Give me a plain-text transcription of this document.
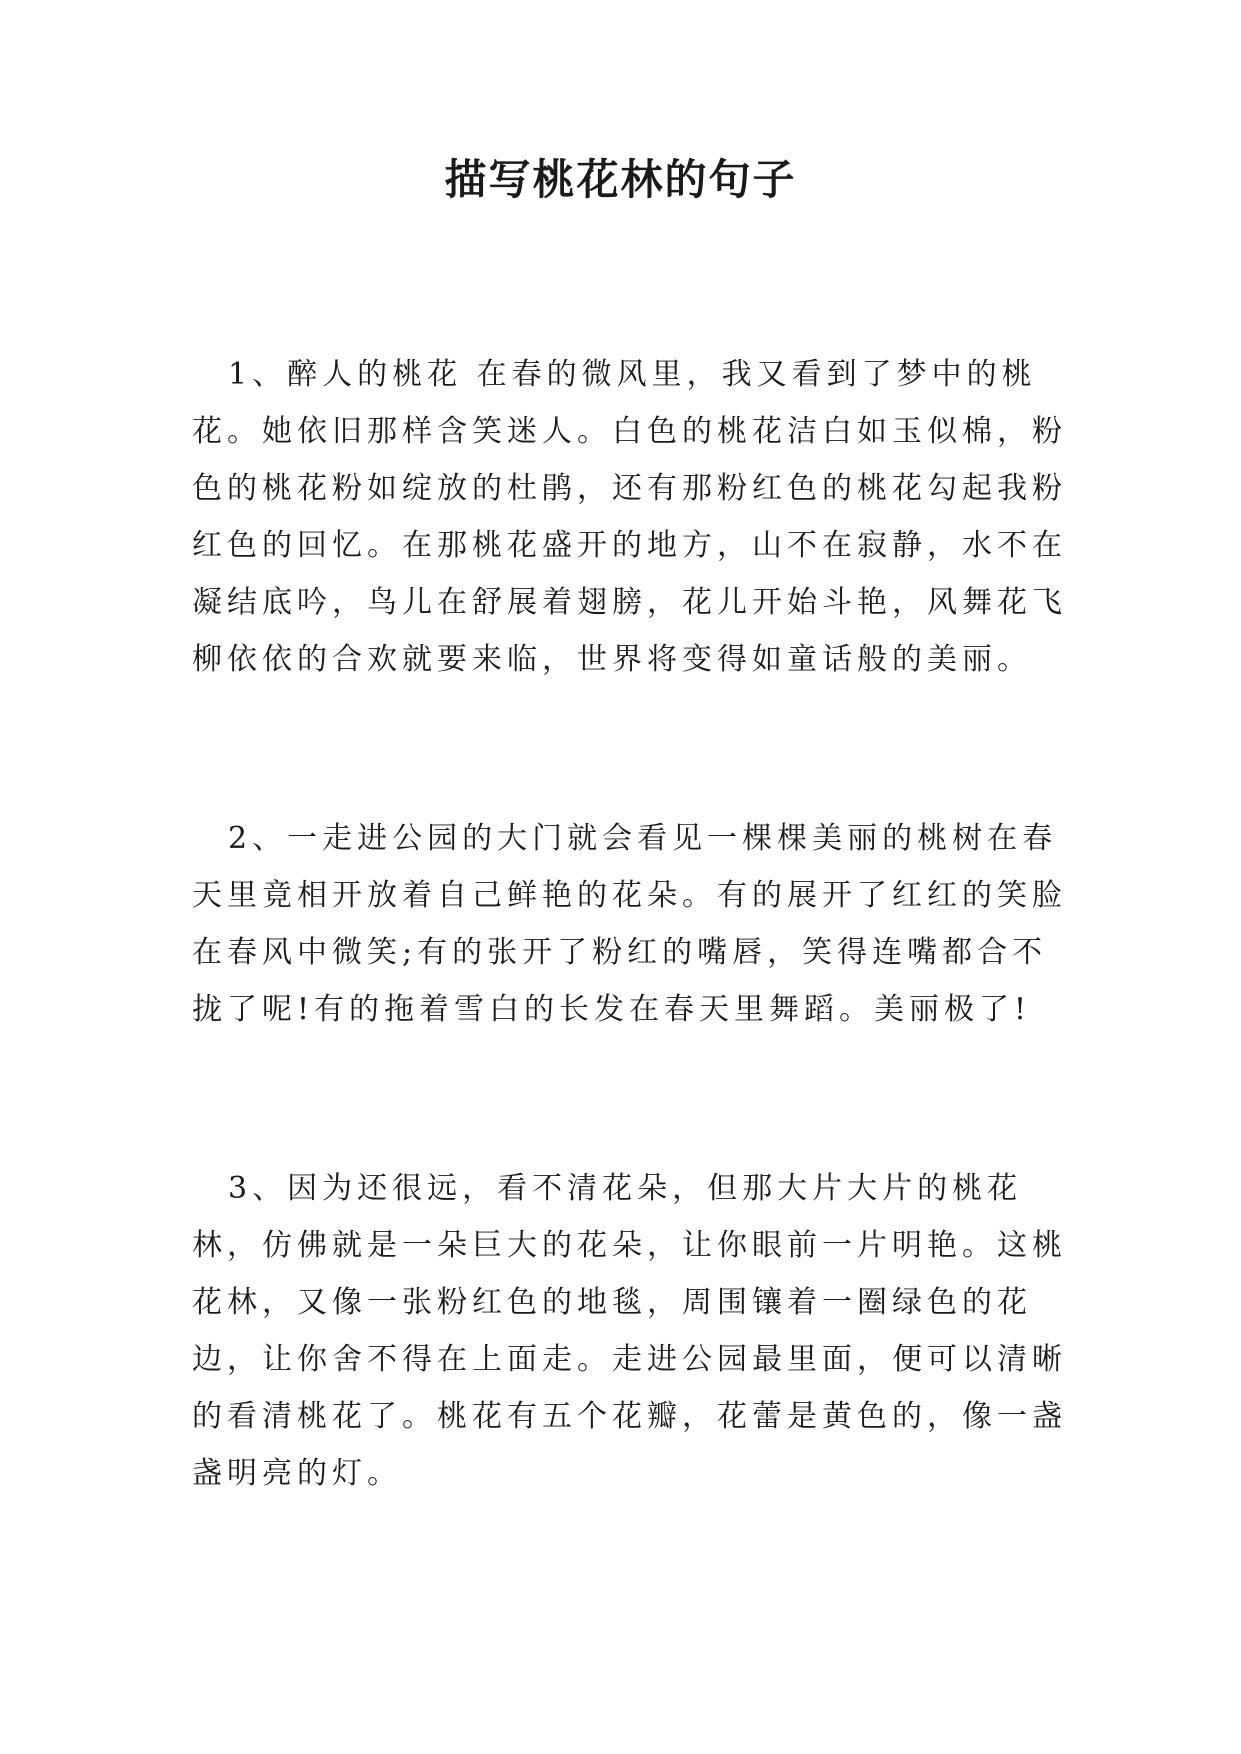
描写桃花林的句子

1、醉人的桃花 在春的微风里，我又看到了梦中的桃花。她依旧那样含笑迷人。白色的桃花洁白如玉似棉，粉色的桃花粉如绽放的杜鹃，还有那粉红色的桃花勾起我粉红色的回忆。在那桃花盛开的地方，山不在寂静，水不在凝结底吟，鸟儿在舒展着翅膀，花儿开始斗艳，风舞花飞柳依依的合欢就要来临，世界将变得如童话般的美丽。

2、一走进公园的大门就会看见一棵棵美丽的桃树在春天里竟相开放着自己鲜艳的花朵。有的展开了红红的笑脸在春风中微笑;有的张开了粉红的嘴唇，笑得连嘴都合不拢了呢!有的拖着雪白的长发在春天里舞蹈。美丽极了!

3、因为还很远，看不清花朵，但那大片大片的桃花林，仿佛就是一朵巨大的花朵，让你眼前一片明艳。这桃花林，又像一张粉红色的地毯，周围镶着一圈绿色的花边，让你舍不得在上面走。走进公园最里面，便可以清晰的看清桃花了。桃花有五个花瓣，花蕾是黄色的，像一盏盏明亮的灯。
